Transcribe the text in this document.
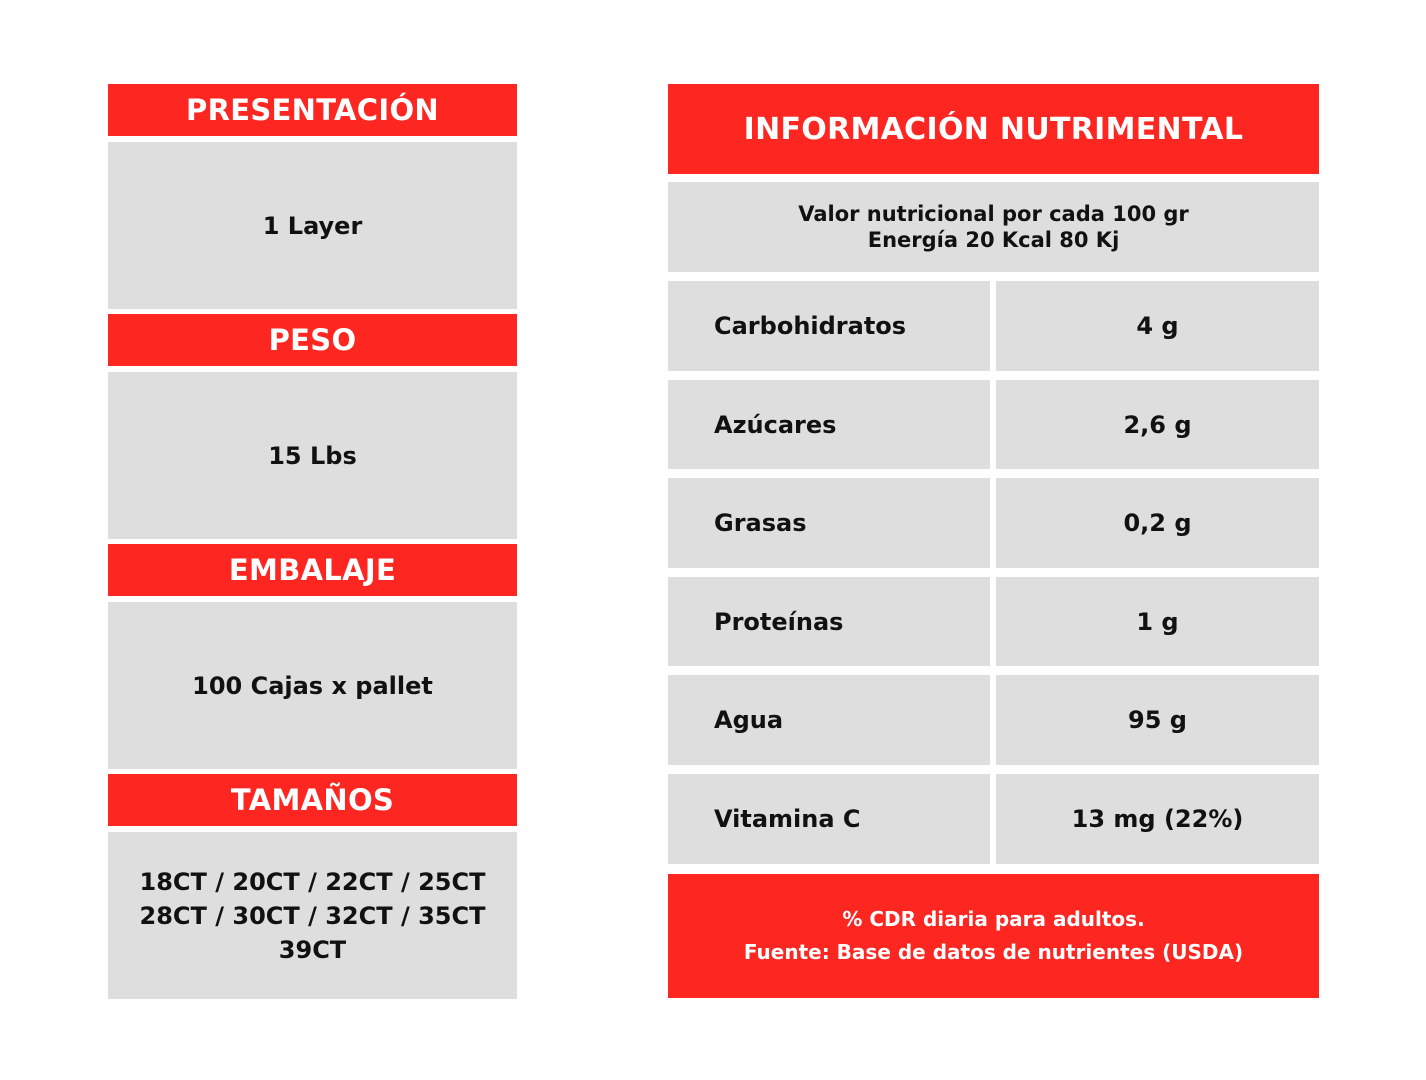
PRESENTACIÓN
1 Layer
PESO
15 Lbs
EMBALAJE
100 Cajas x pallet
TAMAÑOS
18CT / 20CT / 22CT / 25CT
28CT / 30CT / 32CT / 35CT
39CT
INFORMACIÓN NUTRIMENTAL
Valor nutricional por cada 100 gr
Energía 20 Kcal 80 Kj
Carbohidratos	4 g
Azúcares	2,6 g
Grasas	0,2 g
Proteínas	1 g
Agua	95 g
Vitamina C	13 mg (22%)
% CDR diaria para adultos.
Fuente: Base de datos de nutrientes (USDA)
